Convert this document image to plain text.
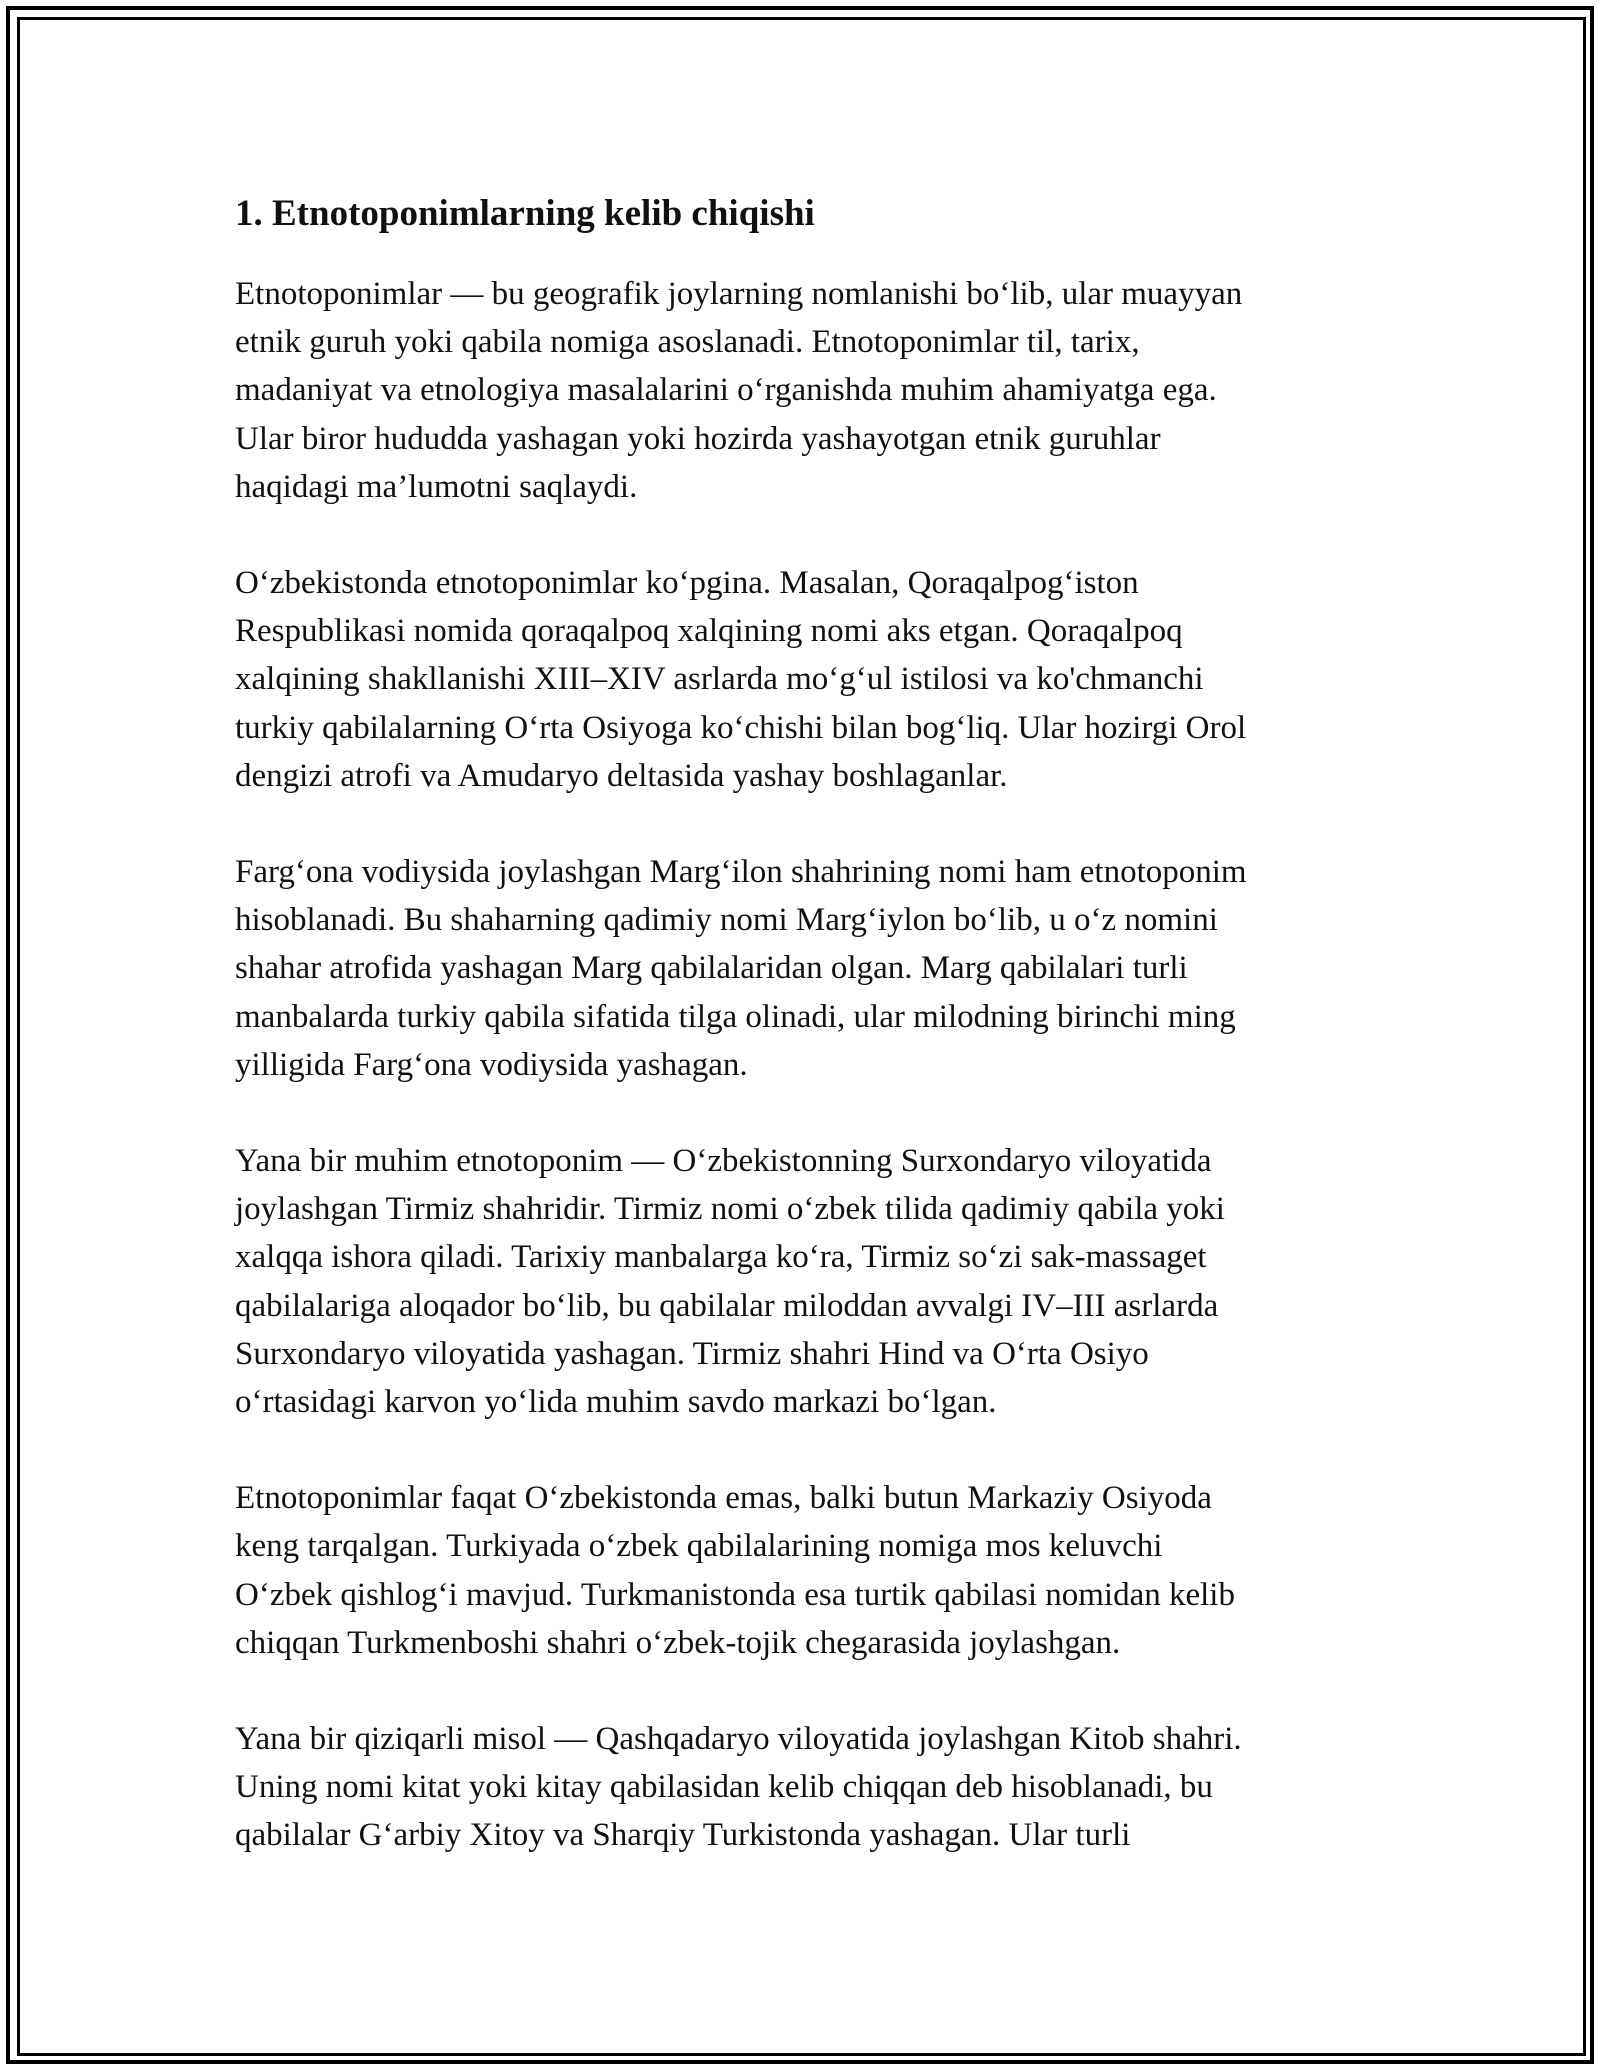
1. Etnotoponimlarning kelib chiqishi

Etnotoponimlar — bu geografik joylarning nomlanishi bo‘lib, ular muayyan
etnik guruh yoki qabila nomiga asoslanadi. Etnotoponimlar til, tarix,
madaniyat va etnologiya masalalarini o‘rganishda muhim ahamiyatga ega.
Ular biror hududda yashagan yoki hozirda yashayotgan etnik guruhlar
haqidagi ma’lumotni saqlaydi.

O‘zbekistonda etnotoponimlar ko‘pgina. Masalan, Qoraqalpog‘iston
Respublikasi nomida qoraqalpoq xalqining nomi aks etgan. Qoraqalpoq
xalqining shakllanishi XIII–XIV asrlarda mo‘g‘ul istilosi va ko'chmanchi
turkiy qabilalarning O‘rta Osiyoga ko‘chishi bilan bog‘liq. Ular hozirgi Orol
dengizi atrofi va Amudaryo deltasida yashay boshlaganlar.

Farg‘ona vodiysida joylashgan Marg‘ilon shahrining nomi ham etnotoponim
hisoblanadi. Bu shaharning qadimiy nomi Marg‘iylon bo‘lib, u o‘z nomini
shahar atrofida yashagan Marg qabilalaridan olgan. Marg qabilalari turli
manbalarda turkiy qabila sifatida tilga olinadi, ular milodning birinchi ming
yilligida Farg‘ona vodiysida yashagan.

Yana bir muhim etnotoponim — O‘zbekistonning Surxondaryo viloyatida
joylashgan Tirmiz shahridir. Tirmiz nomi o‘zbek tilida qadimiy qabila yoki
xalqqa ishora qiladi. Tarixiy manbalarga ko‘ra, Tirmiz so‘zi sak-massaget
qabilalariga aloqador bo‘lib, bu qabilalar miloddan avvalgi IV–III asrlarda
Surxondaryo viloyatida yashagan. Tirmiz shahri Hind va O‘rta Osiyo
o‘rtasidagi karvon yo‘lida muhim savdo markazi bo‘lgan.

Etnotoponimlar faqat O‘zbekistonda emas, balki butun Markaziy Osiyoda
keng tarqalgan. Turkiyada o‘zbek qabilalarining nomiga mos keluvchi
O‘zbek qishlog‘i mavjud. Turkmanistonda esa turtik qabilasi nomidan kelib
chiqqan Turkmenboshi shahri o‘zbek-tojik chegarasida joylashgan.

Yana bir qiziqarli misol — Qashqadaryo viloyatida joylashgan Kitob shahri.
Uning nomi kitat yoki kitay qabilasidan kelib chiqqan deb hisoblanadi, bu
qabilalar G‘arbiy Xitoy va Sharqiy Turkistonda yashagan. Ular turli
